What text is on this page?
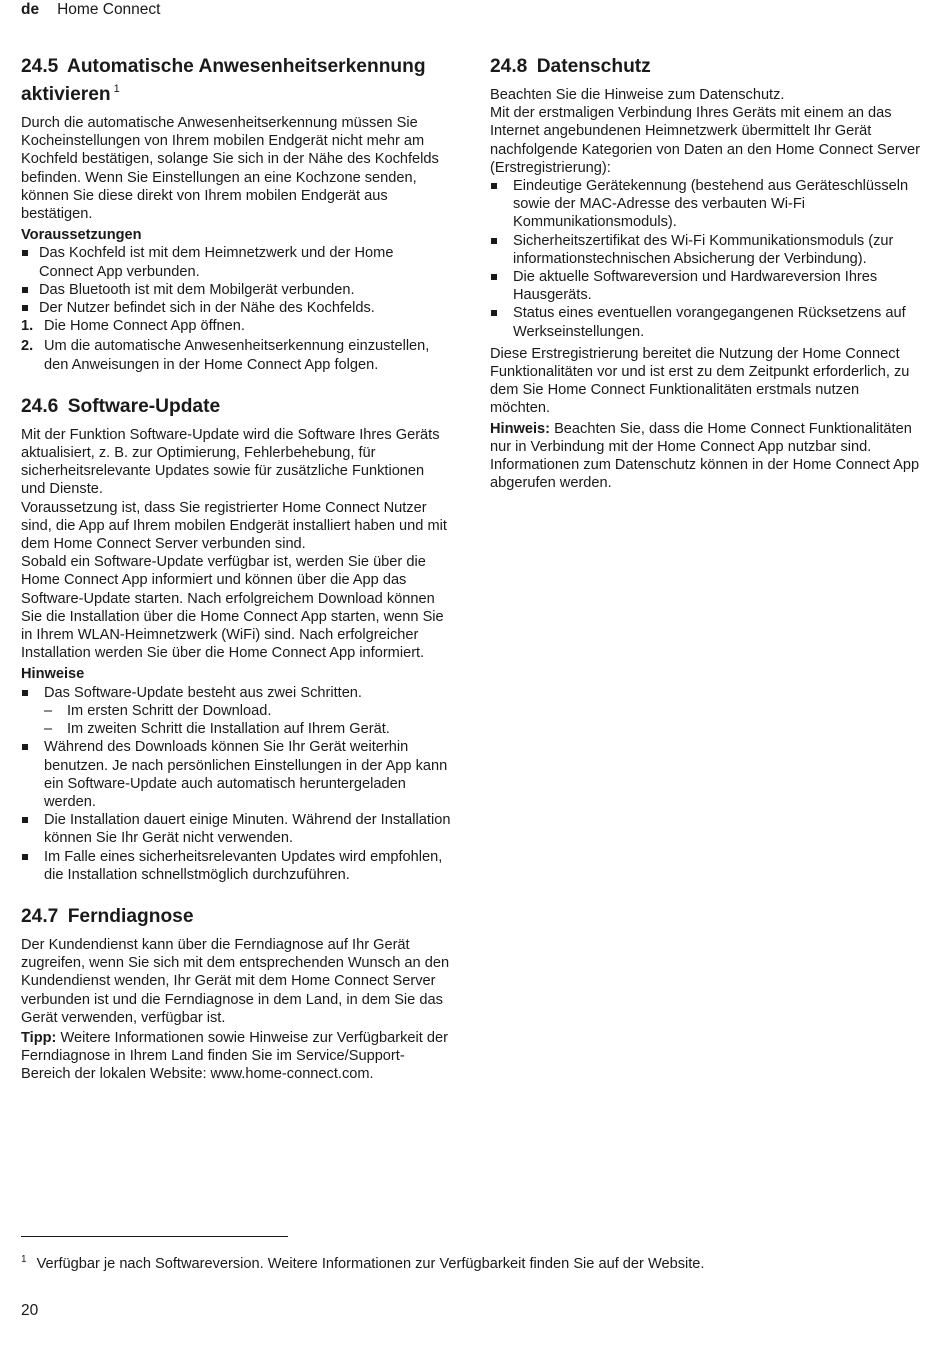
de Home Connect
24.5 Automatische Anwesenheitserkennung aktivieren $^1$

Durch die automatische Anwesenheitserkennung müssen Sie Kocheinstellungen von Ihrem mobilen Endgerät nicht mehr am Kochfeld bestätigen, solange Sie sich in der Nähe des Kochfelds befinden. Wenn Sie Einstellungen an eine Kochzone senden, können Sie diese direkt von Ihrem mobilen Endgerät aus bestätigen.

Voraussetzungen
Das Kochfeld ist mit dem Heimnetzwerk und der Home Connect App verbunden.
Das Bluetooth ist mit dem Mobilgerät verbunden.
Der Nutzer befindet sich in der Nähe des Kochfelds.
1. Die Home Connect App öffnen.
2. Um die automatische Anwesenheitserkennung einzustellen, den Anweisungen in der Home Connect App folgen.
24.6 Software-Update

Mit der Funktion Software-Update wird die Software Ihres Geräts aktualisiert, z. B. zur Optimierung, Fehlerbehebung, für sicherheitsrelevante Updates sowie für zusätzliche Funktionen und Dienste.

Voraussetzung ist, dass Sie registrierter Home Connect Nutzer sind, die App auf Ihrem mobilen Endgerät installiert haben und mit dem Home Connect Server verbunden sind.

Sobald ein Software-Update verfügbar ist, werden Sie über die Home Connect App informiert und können über die App das Software-Update starten. Nach erfolgreichem Download können Sie die Installation über die Home Connect App starten, wenn Sie in Ihrem WLAN-Heimnetzwerk (WiFi) sind. Nach erfolgreicher Installation werden Sie über die Home Connect App informiert.

Hinweise
Das Software-Update besteht aus zwei Schritten.
– Im ersten Schritt der Download.
– Im zweiten Schritt die Installation auf Ihrem Gerät.
Während des Downloads können Sie Ihr Gerät weiterhin benutzen. Je nach persönlichen Einstellungen in der App kann ein Software-Update auch automatisch heruntergeladen werden.
Die Installation dauert einige Minuten. Während der Installation können Sie Ihr Gerät nicht verwenden.
Im Falle eines sicherheitsrelevanten Updates wird empfohlen, die Installation schnellstmöglich durchzuführen.
24.7 Ferndiagnose

Der Kundendienst kann über die Ferndiagnose auf Ihr Gerät zugreifen, wenn Sie sich mit dem entsprechenden Wunsch an den Kundendienst wenden, Ihr Gerät mit dem Home Connect Server verbunden ist und die Ferndiagnose in dem Land, in dem Sie das Gerät verwenden, verfügbar ist.

Tipp: Weitere Informationen sowie Hinweise zur Verfügbarkeit der Ferndiagnose in Ihrem Land finden Sie im Service/Support-Bereich der lokalen Website: www.home-connect.com.

24.8 Datenschutz

Beachten Sie die Hinweise zum Datenschutz.

Mit der erstmaligen Verbindung Ihres Geräts mit einem an das Internet angebundenen Heimnetzwerk übermittelt Ihr Gerät nachfolgende Kategorien von Daten an den Home Connect Server (Erstregistrierung):

Eindeutige Gerätekennung (bestehend aus Geräteschlüsseln sowie der MAC-Adresse des verbauten Wi-Fi Kommunikationsmoduls).
Sicherheitszertifikat des Wi-Fi Kommunikationsmoduls (zur informationstechnischen Absicherung der Verbindung).
Die aktuelle Softwareversion und Hardwareversion Ihres Hausgeräts.
Status eines eventuellen vorangegangenen Rücksetzens auf Werkseinstellungen.

Diese Erstregistrierung bereitet die Nutzung der Home Connect Funktionalitäten vor und ist erst zu dem Zeitpunkt erforderlich, zu dem Sie Home Connect Funktionalitäten erstmals nutzen möchten.

Hinweis: Beachten Sie, dass die Home Connect Funktionalitäten nur in Verbindung mit der Home Connect App nutzbar sind. Informationen zum Datenschutz können in der Home Connect App abgerufen werden.

$^1$ Verfügbar je nach Softwareversion. Weitere Informationen zur Verfügbarkeit finden Sie auf der Website.
20
